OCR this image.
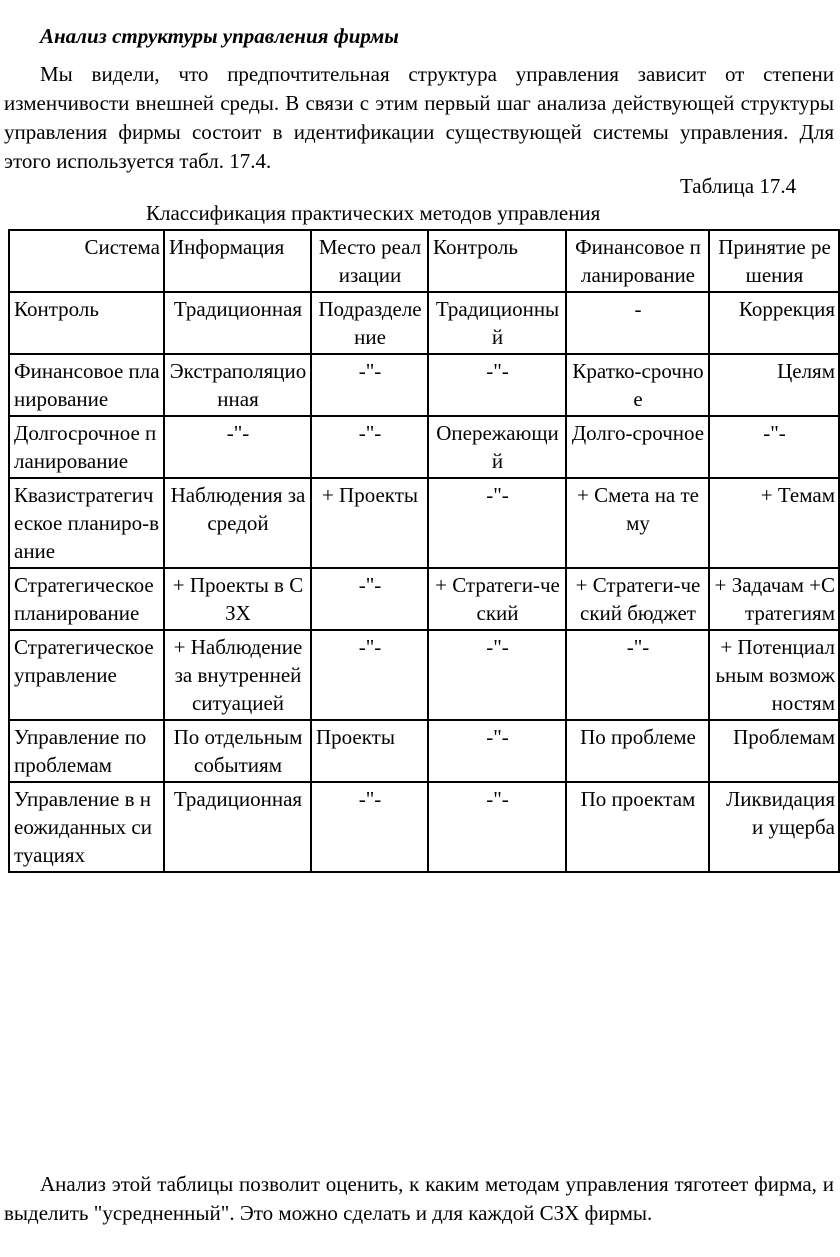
Анализ структуры управления фирмы
Мы видели, что предпочтительная структура управления зависит от степени изменчивости внешней среды. В связи с этим первый шаг анализа действующей структуры управления фирмы состоит в идентификации существующей системы управления. Для этого используется табл. 17.4.
Таблица 17.4
Классификация практических методов управления
Система	Информация	Место реализации	Контроль	Финансовое планирование	Принятие решения
Контроль	Традиционная	Подразделение	Традиционный	-	Коррекция
Финансовое планирование	Экстраполяционная	-"-	-"-	Кратко-срочное	Целям
Долгосрочное планирование	-"-	-"-	Опережающий	Долго-срочное	-"-
Квазистратегическое планиро-вание	Наблюдения за средой	+ Проекты	-"-	+ Смета на тему	+ Темам
Стратегическое планирование	+ Проекты в СЗХ	-"-	+ Стратеги-ческий	+ Стратеги-ческий бюджет	+ Задачам +Стратегиям
Стратегическое управление	+ Наблюдение за внутренней ситуацией	-"-	-"-	-"-	+ Потенциальным возможностям
Управление по проблемам	По отдельным событиям	Проекты	-"-	По проблеме	Проблемам
Управление в неожиданных ситуациях	Традиционная	-"-	-"-	По проектам	Ликвидация и ущерба
Анализ этой таблицы позволит оценить, к каким методам управления тяготеет фирма, и выделить "усредненный". Это можно сделать и для каждой СЗХ фирмы.
